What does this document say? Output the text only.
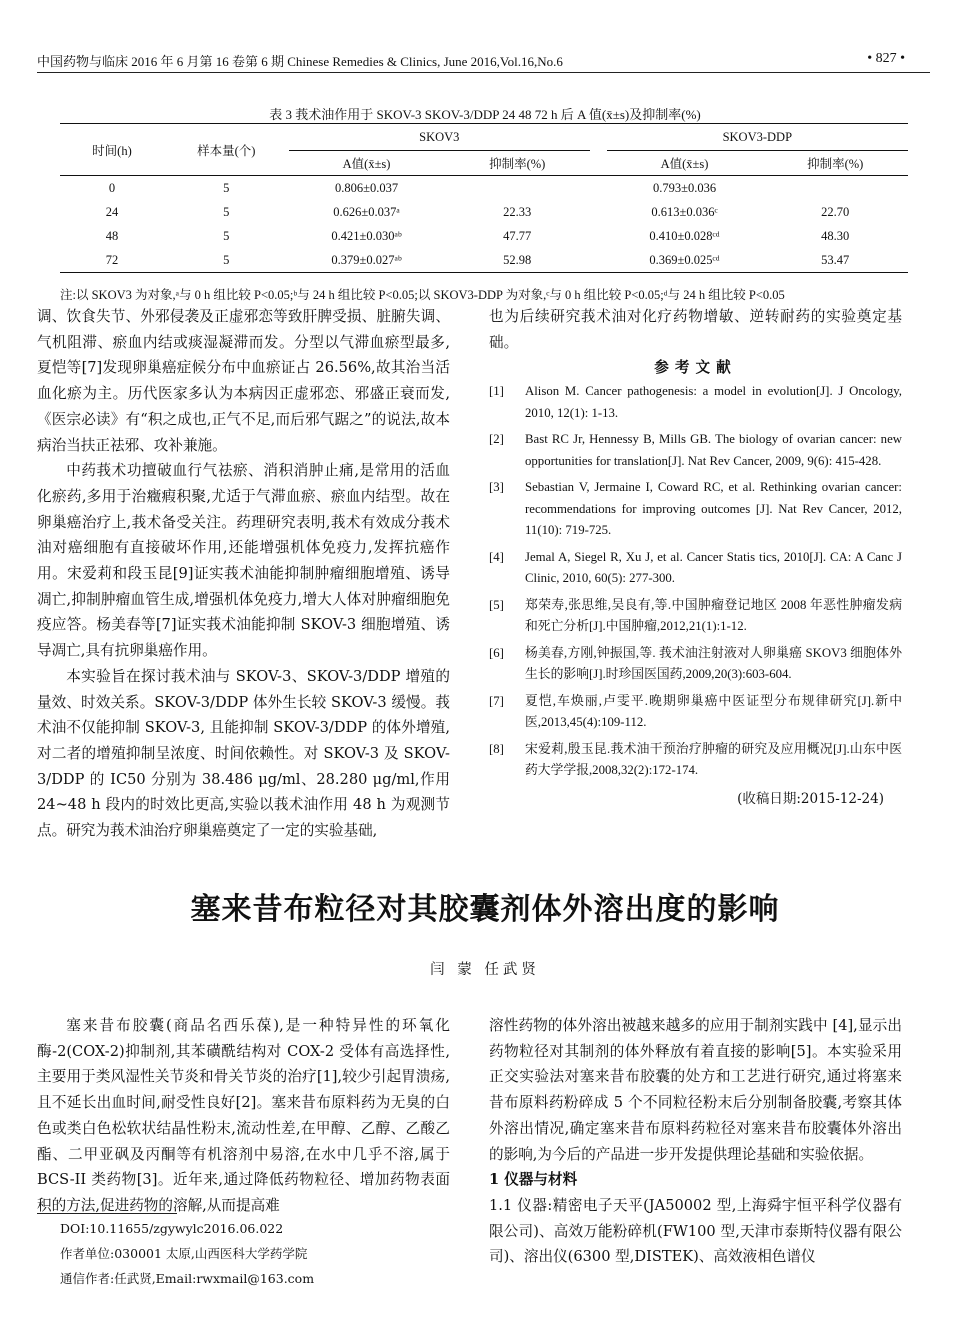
中国药物与临床 2016 年 6 月第 16 卷第 6 期 Chinese Remedies & Clinics, June 2016,Vol.16,No.6	• 827 •
表 3 莪术油作用于 SKOV-3 SKOV-3/DDP 24 48 72 h 后 A 值(x̄±s)及抑制率(%)
时间(h)	样本量(个)	SKOV3			SKOV3-DDP	
		A值(x̄±s)	抑制率(%)		A值(x̄±s)	抑制率(%)
0	5	0.806±0.037			0.793±0.036	
24	5	0.626±0.037ᵃ	22.33		0.613±0.036ᶜ	22.70
48	5	0.421±0.030ᵃᵇ	47.77		0.410±0.028ᶜᵈ	48.30
72	5	0.379±0.027ᵃᵇ	52.98		0.369±0.025ᶜᵈ	53.47
注:以 SKOV3 为对象,ᵃ与 0 h 组比较 P<0.05;ᵇ与 24 h 组比较 P<0.05;以 SKOV3-DDP 为对象,ᶜ与 0 h 组比较 P<0.05;ᵈ与 24 h 组比较 P<0.05

调、饮食失节、外邪侵袭及正虚邪恋等致肝脾受损、脏腑失调、气机阻滞、瘀血内结或痰湿凝滞而发。分型以气滞血瘀型最多,夏恺等[7]发现卵巢癌症候分布中血瘀证占 26.56%,故其治当活血化瘀为主。历代医家多认为本病因正虚邪恋、邪盛正衰而发,《医宗必读》有“积之成也,正气不足,而后邪气踞之”的说法,故本病治当扶正祛邪、攻补兼施。

中药莪术功擅破血行气祛瘀、消积消肿止痛,是常用的活血化瘀药,多用于治癥瘕积聚,尤适于气滞血瘀、瘀血内结型。故在卵巢癌治疗上,莪术备受关注。药理研究表明,莪术有效成分莪术油对癌细胞有直接破坏作用,还能增强机体免疫力,发挥抗癌作用。宋爱莉和段玉昆[9]证实莪术油能抑制肿瘤细胞增殖、诱导凋亡,抑制肿瘤血管生成,增强机体免疫力,增大人体对肿瘤细胞免疫应答。杨美春等[7]证实莪术油能抑制 SKOV-3 细胞增殖、诱导凋亡,具有抗卵巢癌作用。

本实验旨在探讨莪术油与 SKOV-3、SKOV-3/DDP 增殖的量效、时效关系。SKOV-3/DDP 体外生长较 SKOV-3 缓慢。莪术油不仅能抑制 SKOV-3, 且能抑制 SKOV-3/DDP 的体外增殖, 对二者的增殖抑制呈浓度、时间依赖性。对 SKOV-3 及 SKOV-3/DDP 的 IC50 分别为 38.486 μg/ml、28.280 μg/ml,作用 24~48 h 段内的时效比更高,实验以莪术油作用 48 h 为观测节点。研究为莪术油治疗卵巢癌奠定了一定的实验基础,

也为后续研究莪术油对化疗药物增敏、逆转耐药的实验奠定基础。

参考文献

[1]	Alison M. Cancer pathogenesis: a model in evolution[J]. J Oncology, 2010, 12(1): 1-13.
[2]	Bast RC Jr, Hennessy B, Mills GB. The biology of ovarian cancer: new opportunities for translation[J]. Nat Rev Cancer, 2009, 9(6): 415-428.
[3]	Sebastian V, Jermaine I, Coward RC, et al. Rethinking ovarian cancer: recommendations for improving outcomes [J]. Nat Rev Cancer, 2012, 11(10): 719-725.
[4]	Jemal A, Siegel R, Xu J, et al. Cancer Statis tics, 2010[J]. CA: A Canc J Clinic, 2010, 60(5): 277-300.
[5]	郑荣寿,张思维,吴良有,等.中国肿瘤登记地区 2008 年恶性肿瘤发病和死亡分析[J].中国肿瘤,2012,21(1):1-12.
[6]	杨美春,方刚,钟振国,等. 莪术油注射液对人卵巢癌 SKOV3 细胞体外生长的影响[J].时珍国医国药,2009,20(3):603-604.
[7]	夏恺,车焕丽,卢雯平.晚期卵巢癌中医证型分布规律研究[J].新中医,2013,45(4):109-112.
[8]	宋爱莉,殷玉昆.莪术油干预治疗肿瘤的研究及应用概况[J].山东中医药大学学报,2008,32(2):172-174.
(收稿日期:2015-12-24)
塞来昔布粒径对其胶囊剂体外溶出度的影响
闫 蒙 任武贤

塞来昔布胶囊(商品名西乐葆),是一种特异性的环氧化酶-2(COX-2)抑制剂,其苯磺酰结构对 COX-2 受体有高选择性,主要用于类风湿性关节炎和骨关节炎的治疗[1],较少引起胃溃疡,且不延长出血时间,耐受性良好[2]。塞来昔布原料药为无臭的白色或类白色松软状结晶性粉末,流动性差,在甲醇、乙醇、乙酸乙酯、二甲亚砜及丙酮等有机溶剂中易溶,在水中几乎不溶,属于 BCS-II 类药物[3]。近年来,通过降低药物粒径、增加药物表面积的方法,促进药物的溶解,从而提高难

溶性药物的体外溶出被越来越多的应用于制剂实践中 [4],显示出药物粒径对其制剂的体外释放有着直接的影响[5]。本实验采用正交实验法对塞来昔布胶囊的处方和工艺进行研究,通过将塞来昔布原料药粉碎成 5 个不同粒径粉末后分别制备胶囊,考察其体外溶出情况,确定塞来昔布原料药粒径对塞来昔布胶囊体外溶出的影响,为今后的产品进一步开发提供理论基础和实验依据。

1 仪器与材料

1.1 仪器:精密电子天平(JA50002 型,上海舜宇恒平科学仪器有限公司)、高效万能粉碎机(FW100 型,天津市泰斯特仪器有限公司)、溶出仪(6300 型,DISTEK)、高效液相色谱仪

DOI:10.11655/zgywylc2016.06.022
作者单位:030001 太原,山西医科大学药学院
通信作者:任武贤,Email:rwxmail@163.com
